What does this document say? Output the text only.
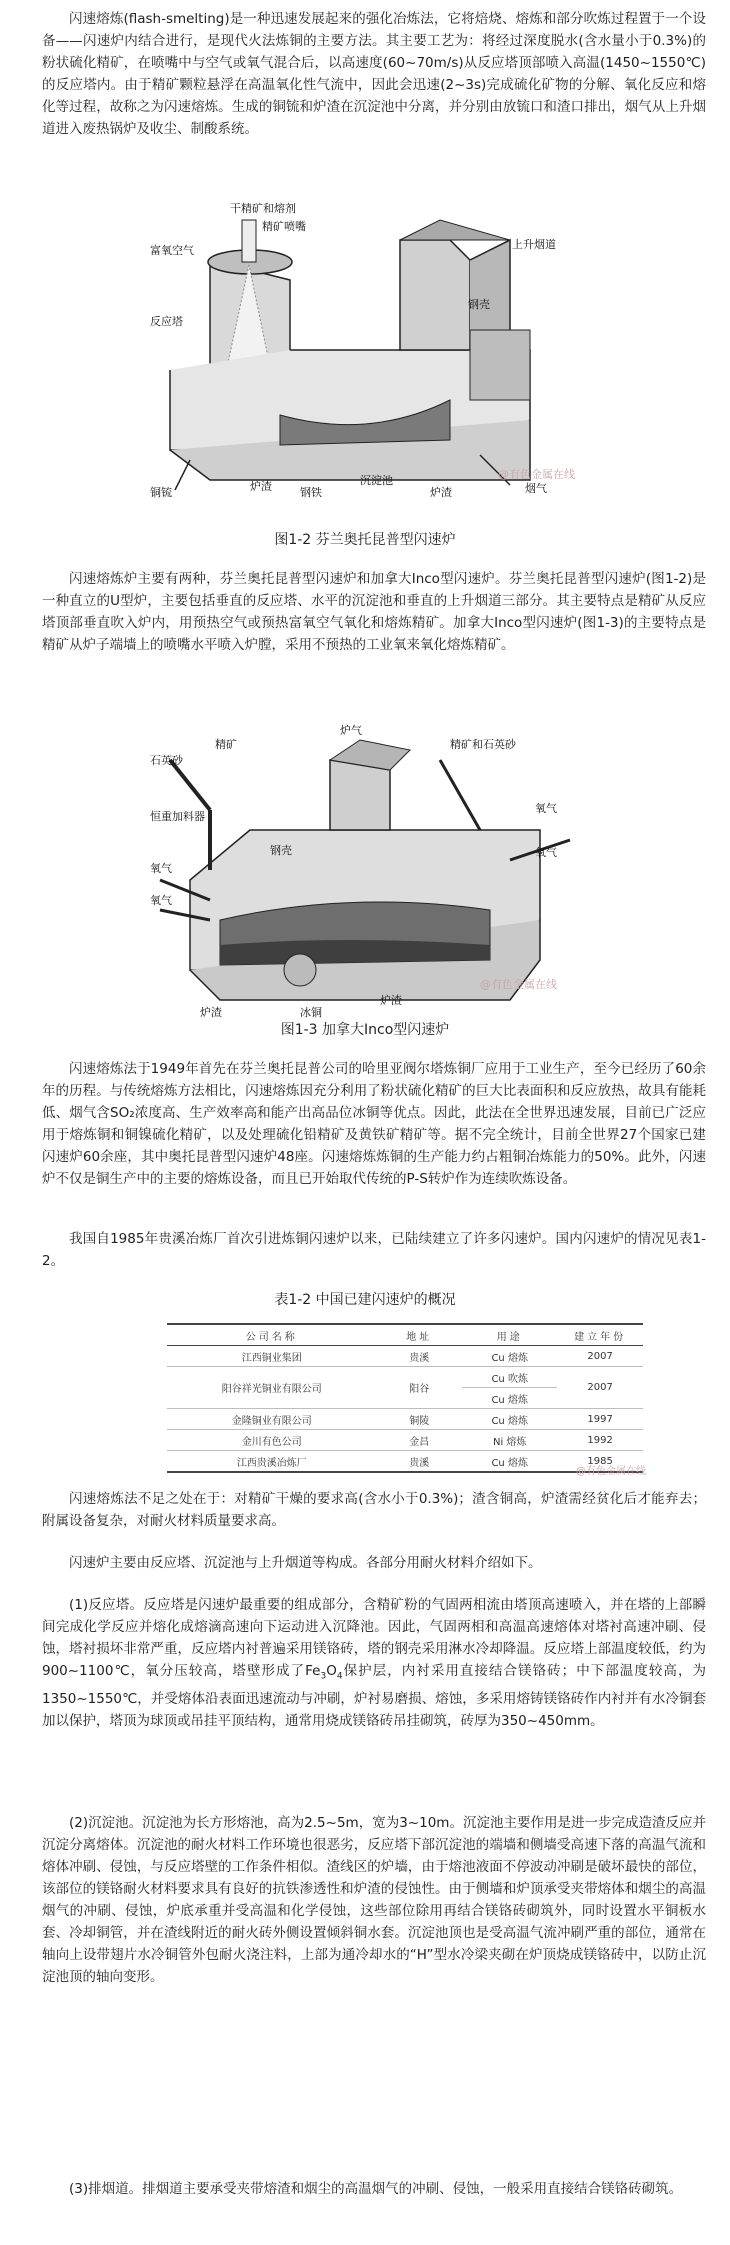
闪速熔炼(flash-smelting)是一种迅速发展起来的强化冶炼法，它将焙烧、熔炼和部分吹炼过程置于一个设备——闪速炉内结合进行，是现代火法炼铜的主要方法。其主要工艺为：将经过深度脱水(含水量小于0.3%)的粉状硫化精矿，在喷嘴中与空气或氧气混合后，以高速度(60~70m/s)从反应塔顶部喷入高温(1450~1550℃)的反应塔内。由于精矿颗粒悬浮在高温氧化性气流中，因此会迅速(2~3s)完成硫化矿物的分解、氧化反应和熔化等过程，故称之为闪速熔炼。生成的铜锍和炉渣在沉淀池中分离，并分别由放锍口和渣口排出，烟气从上升烟道进入废热锅炉及收尘、制酸系统。

干精矿和熔剂
精矿喷嘴
富氧空气
反应塔
上升烟道
钢壳
烟气
铜锍	炉渣	钢铁
沉淀池
炉渣
@有色金属在线
图1-2 芬兰奥托昆普型闪速炉

闪速熔炼炉主要有两种，芬兰奥托昆普型闪速炉和加拿大Inco型闪速炉。芬兰奥托昆普型闪速炉(图1-2)是一种直立的U型炉，主要包括垂直的反应塔、水平的沉淀池和垂直的上升烟道三部分。其主要特点是精矿从反应塔顶部垂直吹入炉内，用预热空气或预热富氧空气氧化和熔炼精矿。加拿大Inco型闪速炉(图1-3)的主要特点是精矿从炉子端墙上的喷嘴水平喷入炉膛，采用不预热的工业氧来氧化熔炼精矿。

炉气
精矿
石英砂
精矿和石英砂
恒重加料器
氧气
氧气
氧气
氧气
钢壳
炉渣	冰铜
炉渣
@有色金属在线
图1-3 加拿大Inco型闪速炉

闪速熔炼法于1949年首先在芬兰奥托昆普公司的哈里亚阀尔塔炼铜厂应用于工业生产，至今已经历了60余年的历程。与传统熔炼方法相比，闪速熔炼因充分利用了粉状硫化精矿的巨大比表面积和反应放热，故具有能耗低、烟气含SO₂浓度高、生产效率高和能产出高品位冰铜等优点。因此，此法在全世界迅速发展，目前已广泛应用于熔炼铜和铜镍硫化精矿，以及处理硫化铅精矿及黄铁矿精矿等。据不完全统计，目前全世界27个国家已建闪速炉60余座，其中奥托昆普型闪速炉48座。闪速熔炼炼铜的生产能力约占粗铜冶炼能力的50%。此外，闪速炉不仅是铜生产中的主要的熔炼设备，而且已开始取代传统的P-S转炉作为连续吹炼设备。

我国自1985年贵溪冶炼厂首次引进炼铜闪速炉以来，已陆续建立了许多闪速炉。国内闪速炉的情况见表1-2。

表1-2 中国已建闪速炉的概况
公司名称	地址	用途	建立年份
江西铜业集团	贵溪	Cu 熔炼	2007
阳谷祥光铜业有限公司	阳谷	Cu 吹炼	2007
		Cu 熔炼	
金隆铜业有限公司	铜陵	Cu 熔炼	1997
金川有色公司	金昌	Ni 熔炼	1992
江西贵溪冶炼厂	贵溪	Cu 熔炼	1985
@有色金属在线

闪速熔炼法不足之处在于：对精矿干燥的要求高(含水小于0.3%)；渣含铜高，炉渣需经贫化后才能弃去；附属设备复杂，对耐火材料质量要求高。

闪速炉主要由反应塔、沉淀池与上升烟道等构成。各部分用耐火材料介绍如下。

(1)反应塔。反应塔是闪速炉最重要的组成部分，含精矿粉的气固两相流由塔顶高速喷入，并在塔的上部瞬间完成化学反应并熔化成熔滴高速向下运动进入沉降池。因此，气固两相和高温高速熔体对塔衬高速冲刷、侵蚀，塔衬损坏非常严重，反应塔内衬普遍采用镁铬砖，塔的钢壳采用淋水冷却降温。反应塔上部温度较低，约为900~1100℃，氧分压较高，塔壁形成了$Fe_3O_4$保护层，内衬采用直接结合镁铬砖；中下部温度较高，为1350~1550℃，并受熔体沿表面迅速流动与冲刷，炉衬易磨损、熔蚀，多采用熔铸镁铬砖作内衬并有水冷铜套加以保护，塔顶为球顶或吊挂平顶结构，通常用烧成镁铬砖吊挂砌筑，砖厚为350~450mm。

(2)沉淀池。沉淀池为长方形熔池，高为2.5~5m，宽为3~10m。沉淀池主要作用是进一步完成造渣反应并沉淀分离熔体。沉淀池的耐火材料工作环境也很恶劣，反应塔下部沉淀池的端墙和侧墙受高速下落的高温气流和熔体冲刷、侵蚀，与反应塔壁的工作条件相似。渣线区的炉墙，由于熔池液面不停波动冲刷是破坏最快的部位，该部位的镁铬耐火材料要求具有良好的抗铁渗透性和炉渣的侵蚀性。由于侧墙和炉顶承受夹带熔体和烟尘的高温烟气的冲刷、侵蚀，炉底承重并受高温和化学侵蚀，这些部位除用再结合镁铬砖砌筑外，同时设置水平铜板水套、冷却铜管，并在渣线附近的耐火砖外侧设置倾斜铜水套。沉淀池顶也是受高温气流冲刷严重的部位，通常在轴向上设带翅片水冷铜管外包耐火浇注料，上部为通冷却水的“H”型水冷梁夹砌在炉顶烧成镁铬砖中，以防止沉淀池顶的轴向变形。

(3)排烟道。排烟道主要承受夹带熔渣和烟尘的高温烟气的冲刷、侵蚀，一般采用直接结合镁铬砖砌筑。
